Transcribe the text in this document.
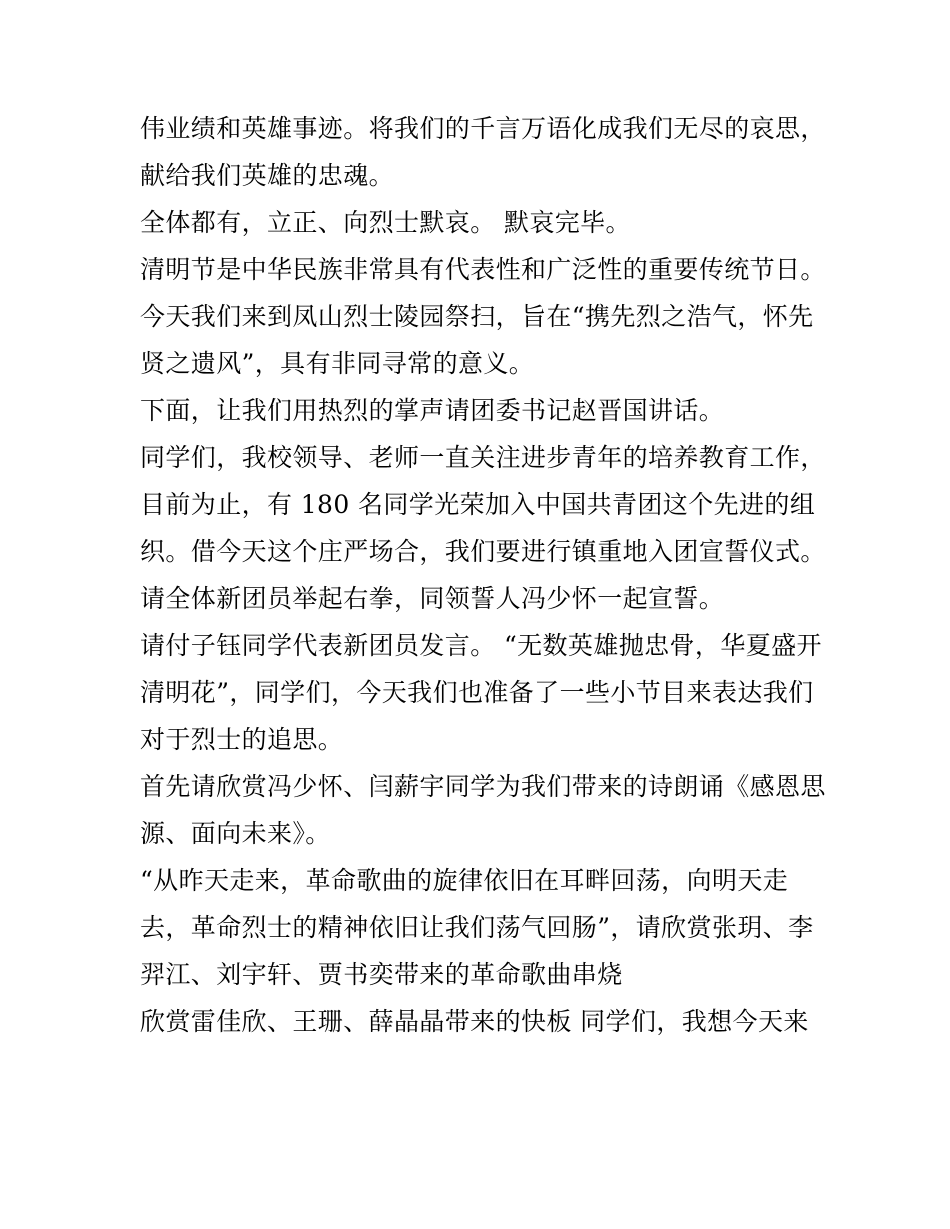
伟业绩和英雄事迹。将我们的千言万语化成我们无尽的哀思，
献给我们英雄的忠魂。
全体都有，立正、向烈士默哀。 默哀完毕。
清明节是中华民族非常具有代表性和广泛性的重要传统节日。
今天我们来到凤山烈士陵园祭扫，旨在“携先烈之浩气，怀先
贤之遗风”，具有非同寻常的意义。
下面，让我们用热烈的掌声请团委书记赵晋国讲话。
同学们，我校领导、老师一直关注进步青年的培养教育工作，
目前为止，有 180 名同学光荣加入中国共青团这个先进的组
织。借今天这个庄严场合，我们要进行镇重地入团宣誓仪式。
请全体新团员举起右拳，同领誓人冯少怀一起宣誓。
请付子钰同学代表新团员发言。 “无数英雄抛忠骨，华夏盛开
清明花”，同学们，今天我们也准备了一些小节目来表达我们
对于烈士的追思。
首先请欣赏冯少怀、闫薪宇同学为我们带来的诗朗诵《感恩思
源、面向未来》。
“从昨天走来，革命歌曲的旋律依旧在耳畔回荡，向明天走
去，革命烈士的精神依旧让我们荡气回肠”，请欣赏张玥、李
羿江、刘宇轩、贾书奕带来的革命歌曲串烧
欣赏雷佳欣、王珊、薛晶晶带来的快板 同学们，我想今天来
